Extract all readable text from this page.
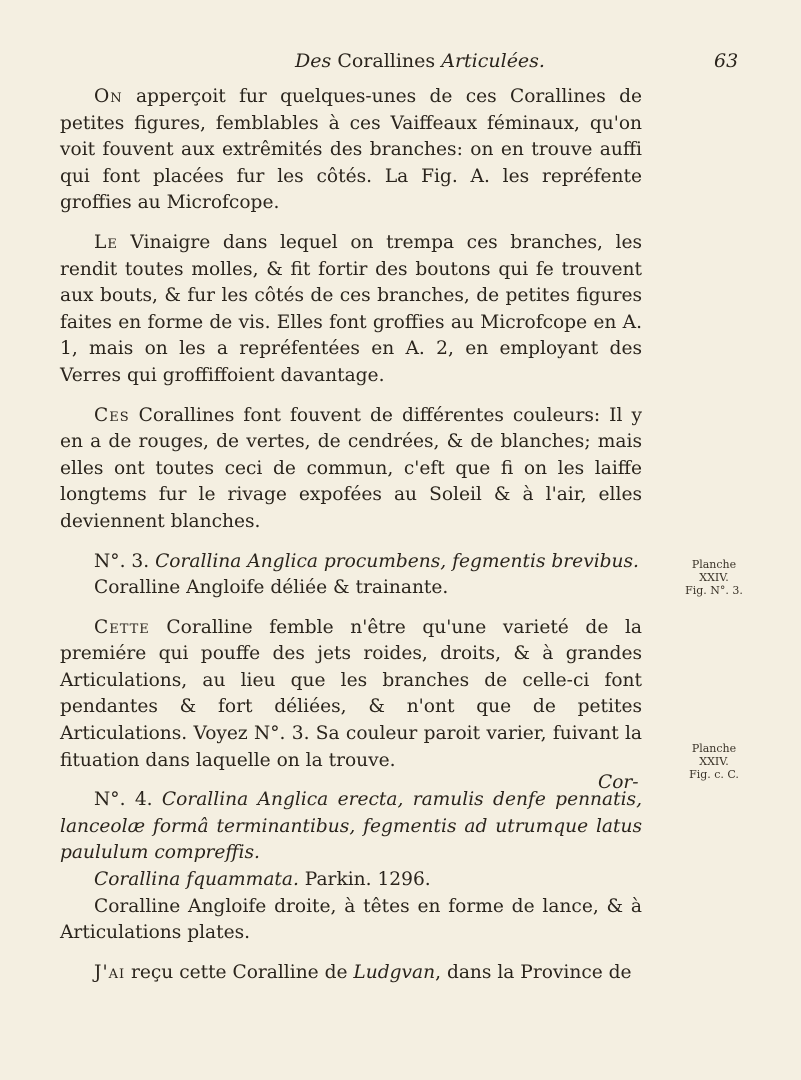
Des Corallines Articulées.	63

On apperçoit fur quelques-unes de ces Corallines de petites figures, femblables à ces Vaiffeaux féminaux, qu'on voit fouvent aux extrêmités des branches: on en trouve auffi qui font placées fur les côtés. La Fig. A. les repréfente groffies au Microfcope.

Le Vinaigre dans lequel on trempa ces branches, les rendit toutes molles, & fit fortir des boutons qui fe trouvent aux bouts, & fur les côtés de ces branches, de petites figures faites en forme de vis. Elles font groffies au Microfcope en A. 1, mais on les a repréfentées en A. 2, en employant des Verres qui groffiffoient davantage.

Ces Corallines font fouvent de différentes couleurs: Il y en a de rouges, de vertes, de cendrées, & de blanches; mais elles ont toutes ceci de commun, c'eft que fi on les laiffe longtems fur le rivage expofées au Soleil & à l'air, elles deviennent blanches.

N°. 3. Corallina Anglica procumbens, fegmentis brevibus.

Coralline Angloife déliée & trainante.

Cette Coralline femble n'être qu'une varieté de la premiére qui pouffe des jets roides, droits, & à grandes Articulations, au lieu que les branches de celle-ci font pendantes & fort déliées, & n'ont que de petites Articulations. Voyez N°. 3. Sa couleur paroit varier, fuivant la fituation dans laquelle on la trouve.

N°. 4. Corallina Anglica erecta, ramulis denfe pennatis, lanceolæ formâ terminantibus, fegmentis ad utrumque latus paululum compreffis.
Corallina fquammata. Parkin. 1296.

Coralline Angloife droite, à têtes en forme de lance, & à Articulations plates.

J'ai reçu cette Coralline de Ludgvan, dans la Province de

Planche
XXIV.
Fig. N°. 3.
Planche
XXIV.
Fig. c. C.
Cor-
